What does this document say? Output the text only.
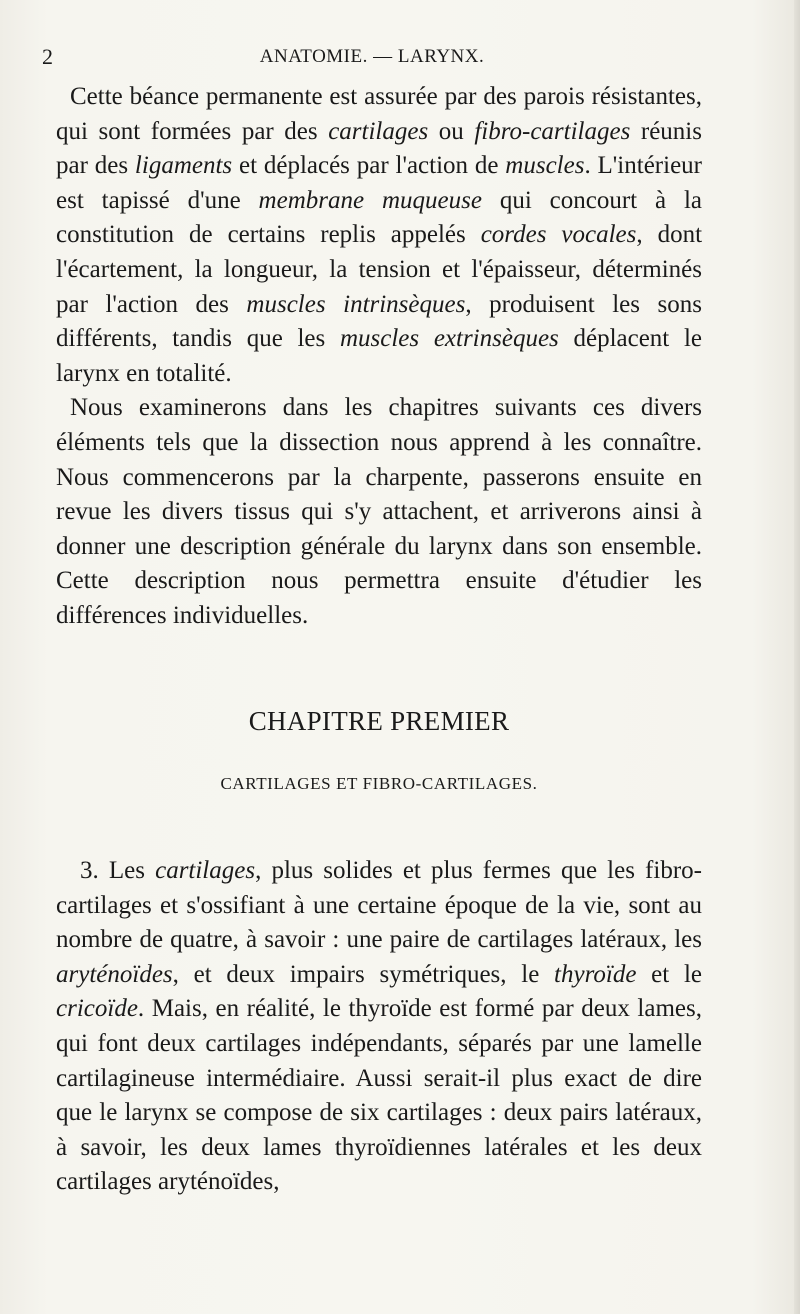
2	ANATOMIE. — LARYNX.

Cette béance permanente est assurée par des parois résistantes, qui sont formées par des cartilages ou fibro-cartilages réunis par des ligaments et déplacés par l'action de muscles. L'intérieur est tapissé d'une membrane muqueuse qui concourt à la constitution de certains replis appelés cordes vocales, dont l'écartement, la longueur, la tension et l'épaisseur, déterminés par l'action des muscles intrinsèques, produisent les sons différents, tandis que les muscles extrinsèques déplacent le larynx en totalité.

Nous examinerons dans les chapitres suivants ces divers éléments tels que la dissection nous apprend à les connaître. Nous commencerons par la charpente, passerons ensuite en revue les divers tissus qui s'y attachent, et arriverons ainsi à donner une description générale du larynx dans son ensemble. Cette description nous permettra ensuite d'étudier les différences individuelles.

CHAPITRE PREMIER
CARTILAGES ET FIBRO-CARTILAGES.

3. Les cartilages, plus solides et plus fermes que les fibro-cartilages et s'ossifiant à une certaine époque de la vie, sont au nombre de quatre, à savoir : une paire de cartilages latéraux, les aryténoïdes, et deux impairs symétriques, le thyroïde et le cricoïde. Mais, en réalité, le thyroïde est formé par deux lames, qui font deux cartilages indépendants, séparés par une lamelle cartilagineuse intermédiaire. Aussi serait-il plus exact de dire que le larynx se compose de six cartilages : deux pairs latéraux, à savoir, les deux lames thyroïdiennes latérales et les deux cartilages aryténoïdes,
